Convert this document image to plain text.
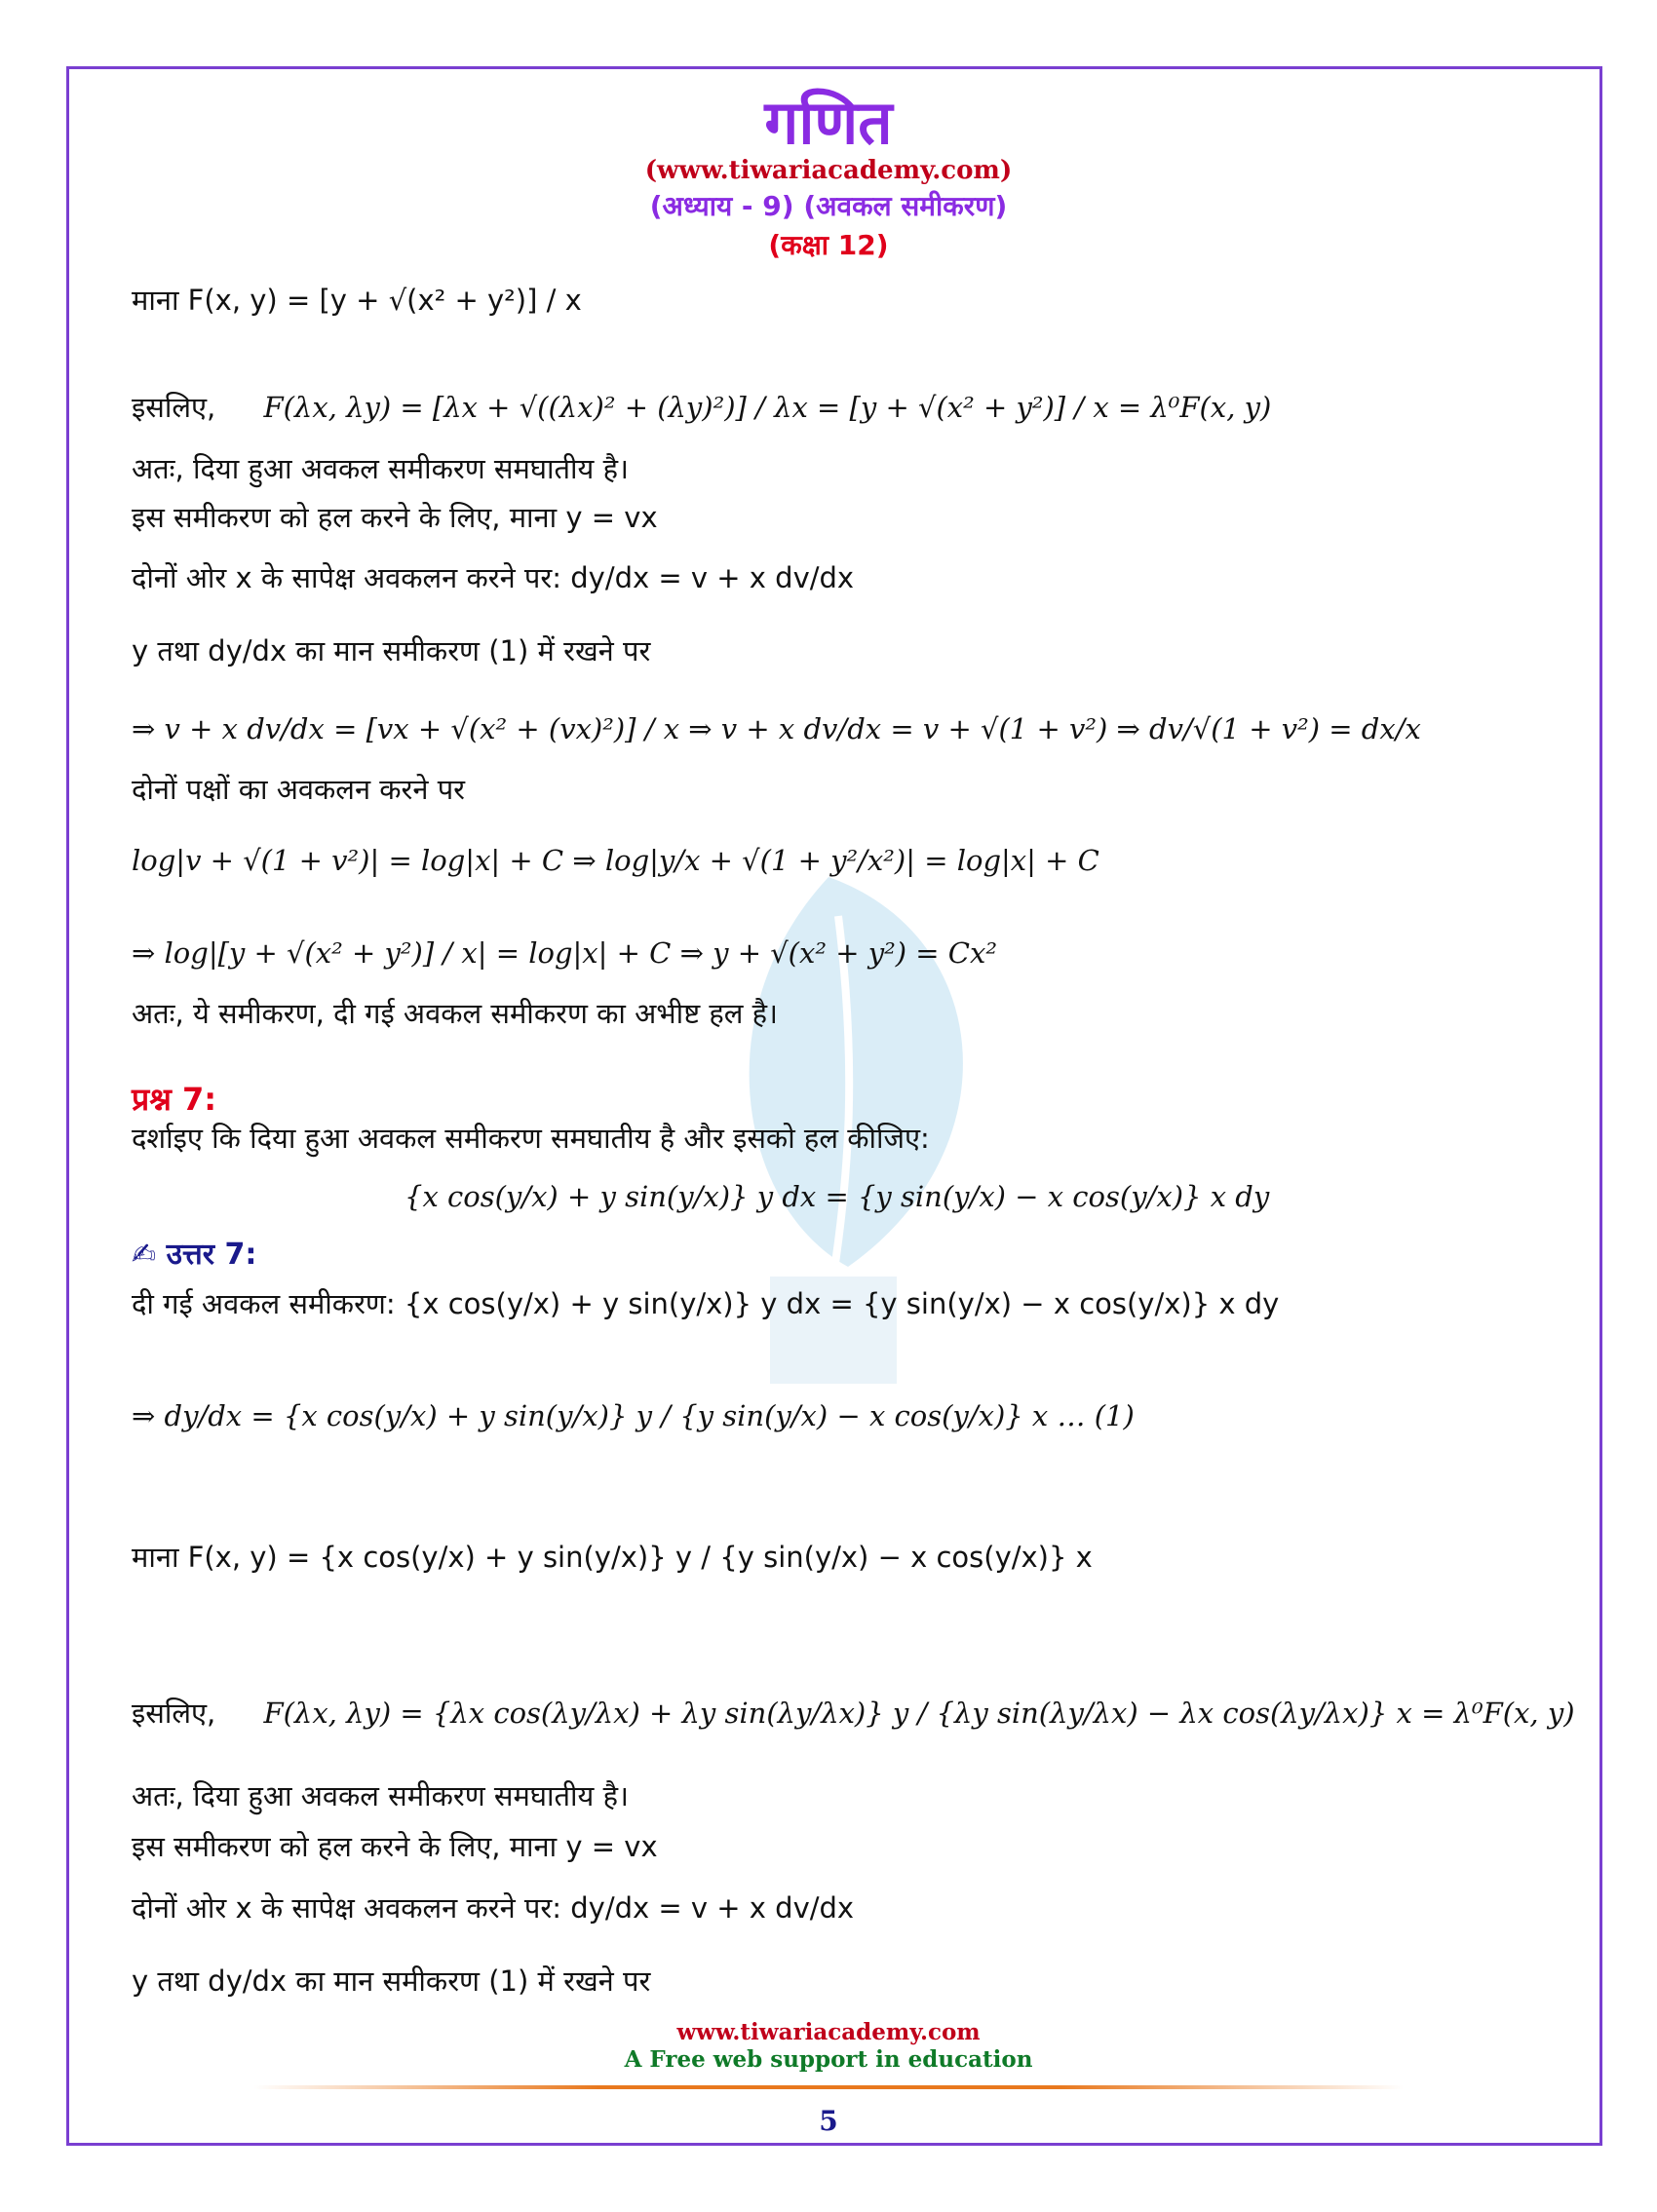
गणित
(www.tiwariacademy.com)
(अध्याय - 9) (अवकल समीकरण)
(कक्षा 12)
माना F(x, y) = [y + √(x² + y²)] / x
इसलिए, F(λx, λy) = [λx + √((λx)² + (λy)²)] / λx = [y + √(x² + y²)] / x = λ⁰F(x, y)
अतः, दिया हुआ अवकल समीकरण समघातीय है।
इस समीकरण को हल करने के लिए, माना y = vx
दोनों ओर x के सापेक्ष अवकलन करने पर: dy/dx = v + x dv/dx
y तथा dy/dx का मान समीकरण (1) में रखने पर
⇒ v + x dv/dx = [vx + √(x² + (vx)²)] / x ⇒ v + x dv/dx = v + √(1 + v²) ⇒ dv/√(1 + v²) = dx/x
दोनों पक्षों का अवकलन करने पर
log|v + √(1 + v²)| = log|x| + C ⇒ log|y/x + √(1 + y²/x²)| = log|x| + C
⇒ log|[y + √(x² + y²)] / x| = log|x| + C ⇒ y + √(x² + y²) = Cx²
अतः, ये समीकरण, दी गई अवकल समीकरण का अभीष्ट हल है।
प्रश्न 7:
दर्शाइए कि दिया हुआ अवकल समीकरण समघातीय है और इसको हल कीजिए:
{x cos(y/x) + y sin(y/x)} y dx = {y sin(y/x) − x cos(y/x)} x dy
✍ उत्तर 7:
दी गई अवकल समीकरण: {x cos(y/x) + y sin(y/x)} y dx = {y sin(y/x) − x cos(y/x)} x dy
⇒ dy/dx = {x cos(y/x) + y sin(y/x)} y / {y sin(y/x) − x cos(y/x)} x … (1)
माना F(x, y) = {x cos(y/x) + y sin(y/x)} y / {y sin(y/x) − x cos(y/x)} x
इसलिए, F(λx, λy) = {λx cos(λy/λx) + λy sin(λy/λx)} y / {λy sin(λy/λx) − λx cos(λy/λx)} x = λ⁰F(x, y)
अतः, दिया हुआ अवकल समीकरण समघातीय है।
इस समीकरण को हल करने के लिए, माना y = vx
दोनों ओर x के सापेक्ष अवकलन करने पर: dy/dx = v + x dv/dx
y तथा dy/dx का मान समीकरण (1) में रखने पर
www.tiwariacademy.com
A Free web support in education
5
